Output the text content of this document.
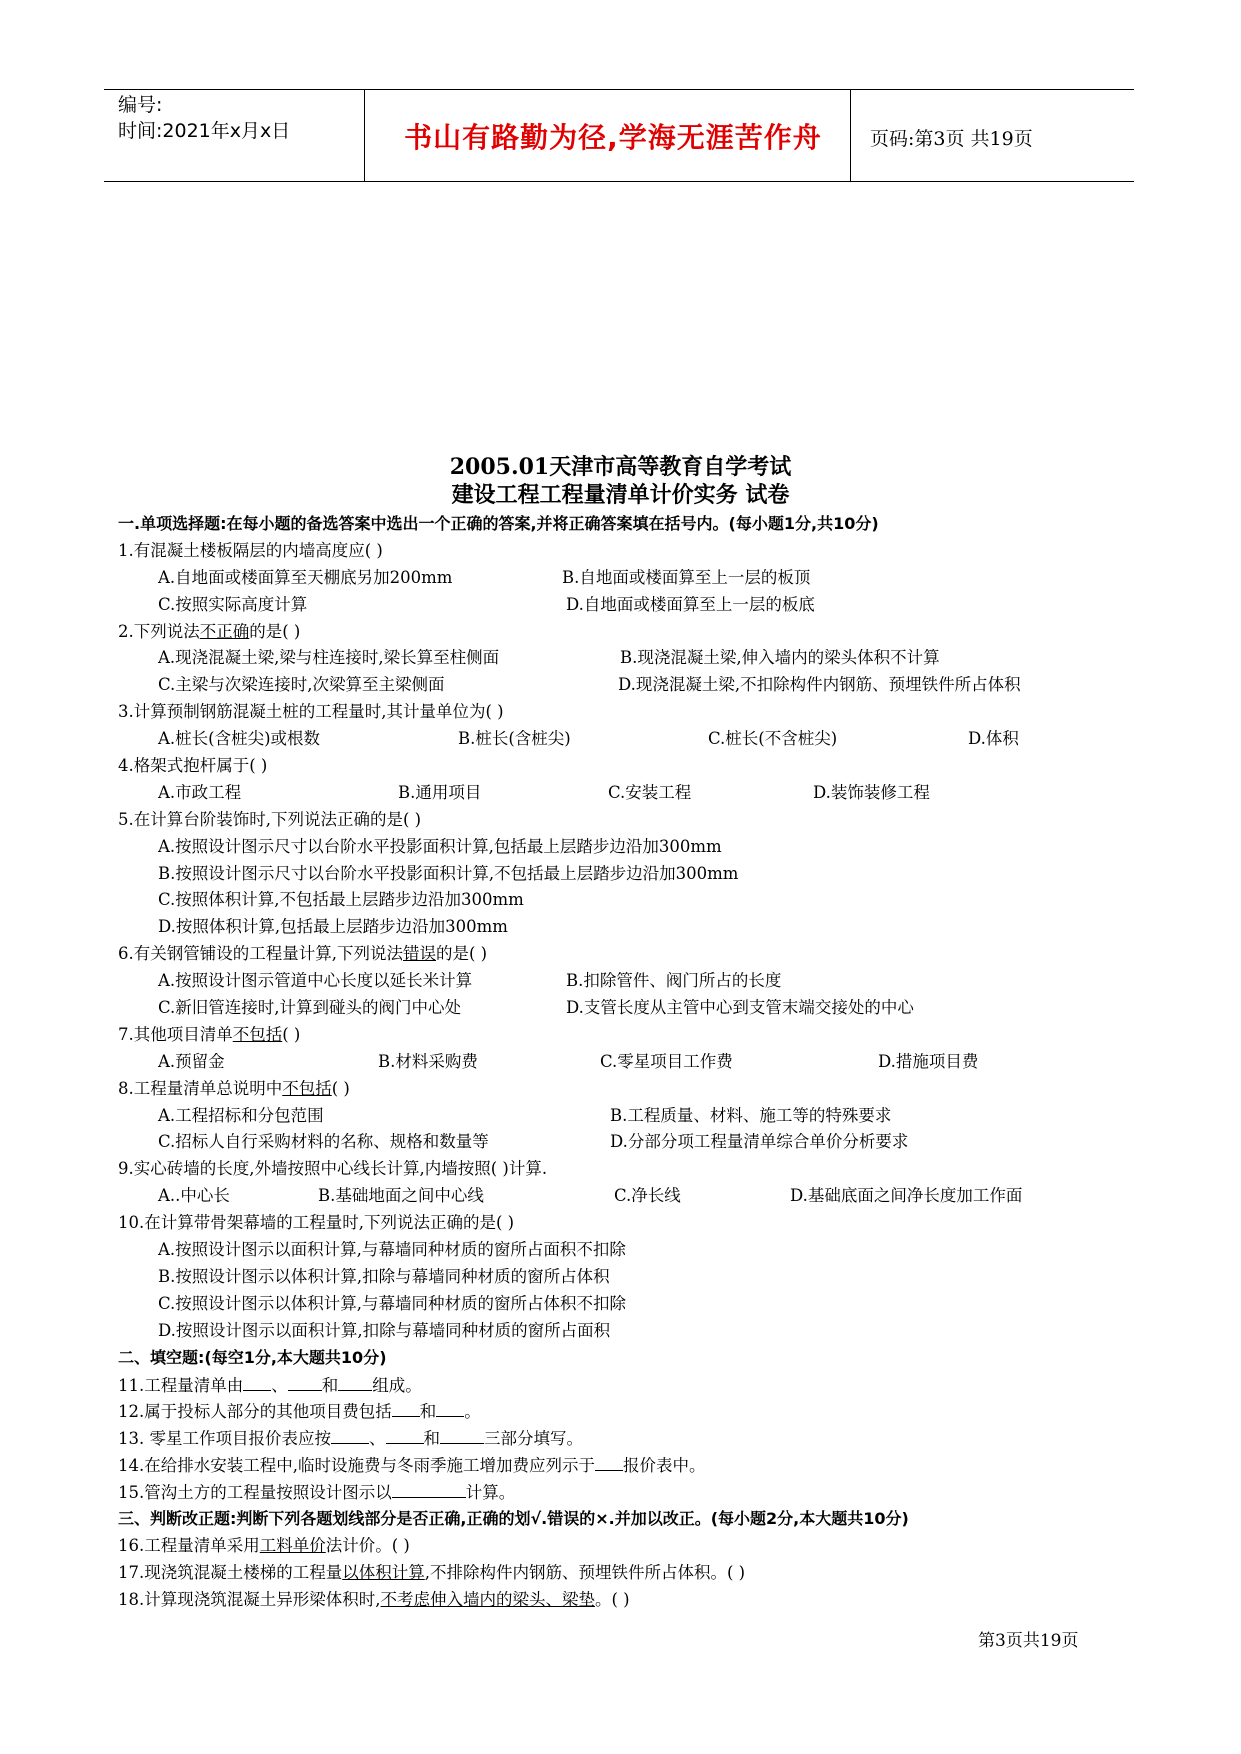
编号:
时间:2021年x月x日	书山有路勤为径,学海无涯苦作舟	页码:第3页 共19页
2005.01天津市高等教育自学考试
建设工程工程量清单计价实务 试卷
一.单项选择题:在每小题的备选答案中选出一个正确的答案,并将正确答案填在括号内。(每小题1分,共10分)
1.有混凝土楼板隔层的内墙高度应( )
A.自地面或楼面算至天棚底另加200mm	B.自地面或楼面算至上一层的板顶
C.按照实际高度计算	D.自地面或楼面算至上一层的板底
2.下列说法不正确的是( )
A.现浇混凝土梁,梁与柱连接时,梁长算至柱侧面	B.现浇混凝土梁,伸入墙内的梁头体积不计算
C.主梁与次梁连接时,次梁算至主梁侧面	D.现浇混凝土梁,不扣除构件内钢筋、预埋铁件所占体积
3.计算预制钢筋混凝土桩的工程量时,其计量单位为( )
A.桩长(含桩尖)或根数	B.桩长(含桩尖)	C.桩长(不含桩尖)	D.体积
4.格架式抱杆属于( )
A.市政工程	B.通用项目	C.安装工程	D.装饰装修工程
5.在计算台阶装饰时,下列说法正确的是( )
A.按照设计图示尺寸以台阶水平投影面积计算,包括最上层踏步边沿加300mm
B.按照设计图示尺寸以台阶水平投影面积计算,不包括最上层踏步边沿加300mm
C.按照体积计算,不包括最上层踏步边沿加300mm
D.按照体积计算,包括最上层踏步边沿加300mm
6.有关钢管铺设的工程量计算,下列说法错误的是( )
A.按照设计图示管道中心长度以延长米计算	B.扣除管件、阀门所占的长度
C.新旧管连接时,计算到碰头的阀门中心处	D.支管长度从主管中心到支管末端交接处的中心
7.其他项目清单不包括( )
A.预留金	B.材料采购费	C.零星项目工作费	D.措施项目费
8.工程量清单总说明中不包括( )
A.工程招标和分包范围	B.工程质量、材料、施工等的特殊要求
C.招标人自行采购材料的名称、规格和数量等	D.分部分项工程量清单综合单价分析要求
9.实心砖墙的长度,外墙按照中心线长计算,内墙按照( )计算.
A..中心长	B.基础地面之间中心线	C.净长线	D.基础底面之间净长度加工作面
10.在计算带骨架幕墙的工程量时,下列说法正确的是( )
A.按照设计图示以面积计算,与幕墙同种材质的窗所占面积不扣除
B.按照设计图示以体积计算,扣除与幕墙同种材质的窗所占体积
C.按照设计图示以体积计算,与幕墙同种材质的窗所占体积不扣除
D.按照设计图示以面积计算,扣除与幕墙同种材质的窗所占面积
二、填空题:(每空1分,本大题共10分)
11.工程量清单由 、 和 组成。
12.属于投标人部分的其他项目费包括 和 。
13. 零星工作项目报价表应按 、 和	三部分填写。
14.在给排水安装工程中,临时设施费与冬雨季施工增加费应列示于 报价表中。
15.管沟土方的工程量按照设计图示以	计算。
三、判断改正题:判断下列各题划线部分是否正确,正确的划√.错误的×.并加以改正。(每小题2分,本大题共10分)
16.工程量清单采用工料单价法计价。( )
17.现浇筑混凝土楼梯的工程量以体积计算,不排除构件内钢筋、预埋铁件所占体积。( )
18.计算现浇筑混凝土异形梁体积时,不考虑伸入墙内的梁头、梁垫。( )
第3页共19页
